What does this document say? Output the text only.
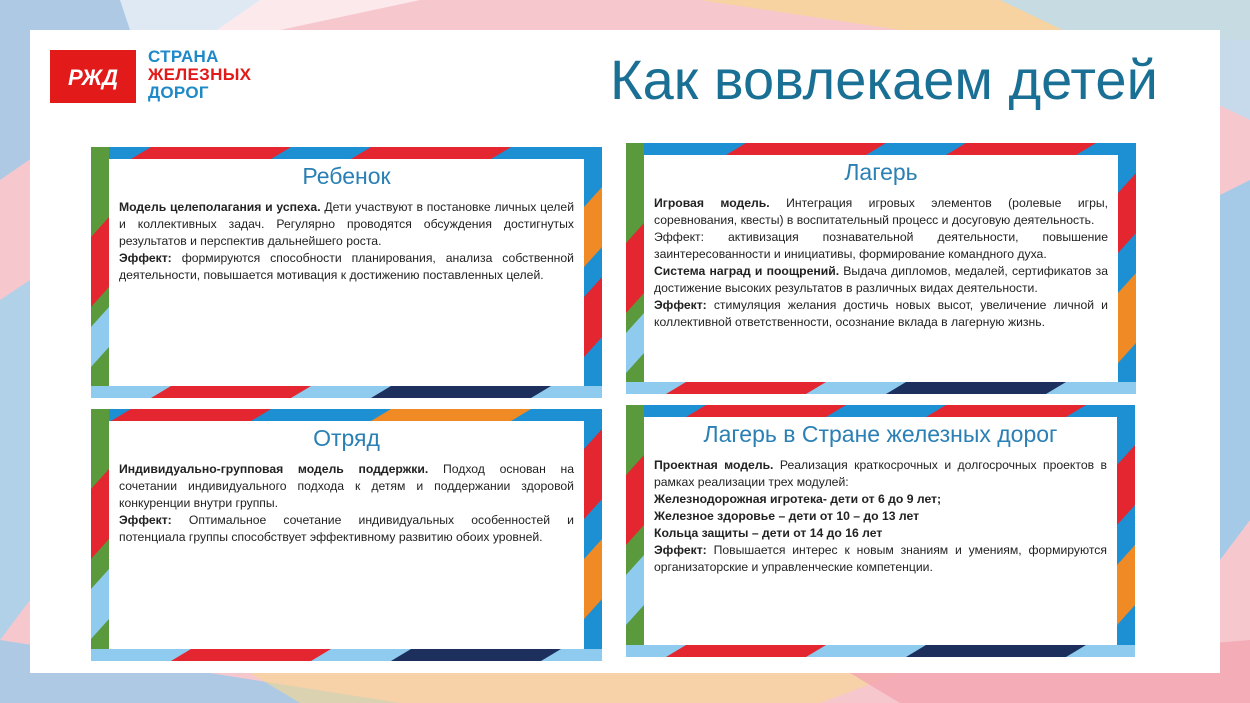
РЖД
СТРАНА
ЖЕЛЕЗНЫХ
ДОРОГ	Как вовлекаем детей
Ребенок

Модель целеполагания и успеха. Дети участвуют в постановке личных целей и коллективных задач. Регулярно проводятся обсуждения достигнутых результатов и перспектив дальнейшего роста.

Эффект: формируются способности планирования, анализа собственной деятельности, повышается мотивация к достижению поставленных целей.

Лагерь

Игровая модель. Интеграция игровых элементов (ролевые игры, соревнования, квесты) в воспитательный процесс и досуговую деятельность.

Эффект: активизация познавательной деятельности, повышение заинтересованности и инициативы, формирование командного духа.

Система наград и поощрений. Выдача дипломов, медалей, сертификатов за достижение высоких результатов в различных видах деятельности.

Эффект: стимуляция желания достичь новых высот, увеличение личной и коллективной ответственности, осознание вклада в лагерную жизнь.

Отряд

Индивидуально-групповая модель поддержки. Подход основан на сочетании индивидуального подхода к детям и поддержании здоровой конкуренции внутри группы.

Эффект: Оптимальное сочетание индивидуальных особенностей и потенциала группы способствует эффективному развитию обоих уровней.

Лагерь в Стране железных дорог

Проектная модель. Реализация краткосрочных и долгосрочных проектов в рамках реализации трех модулей:

Железнодорожная игротека- дети от 6 до 9 лет;

Железное здоровье – дети от 10 – до 13 лет

Кольца защиты – дети от 14 до 16 лет

Эффект: Повышается интерес к новым знаниям и умениям, формируются организаторские и управленческие компетенции.
